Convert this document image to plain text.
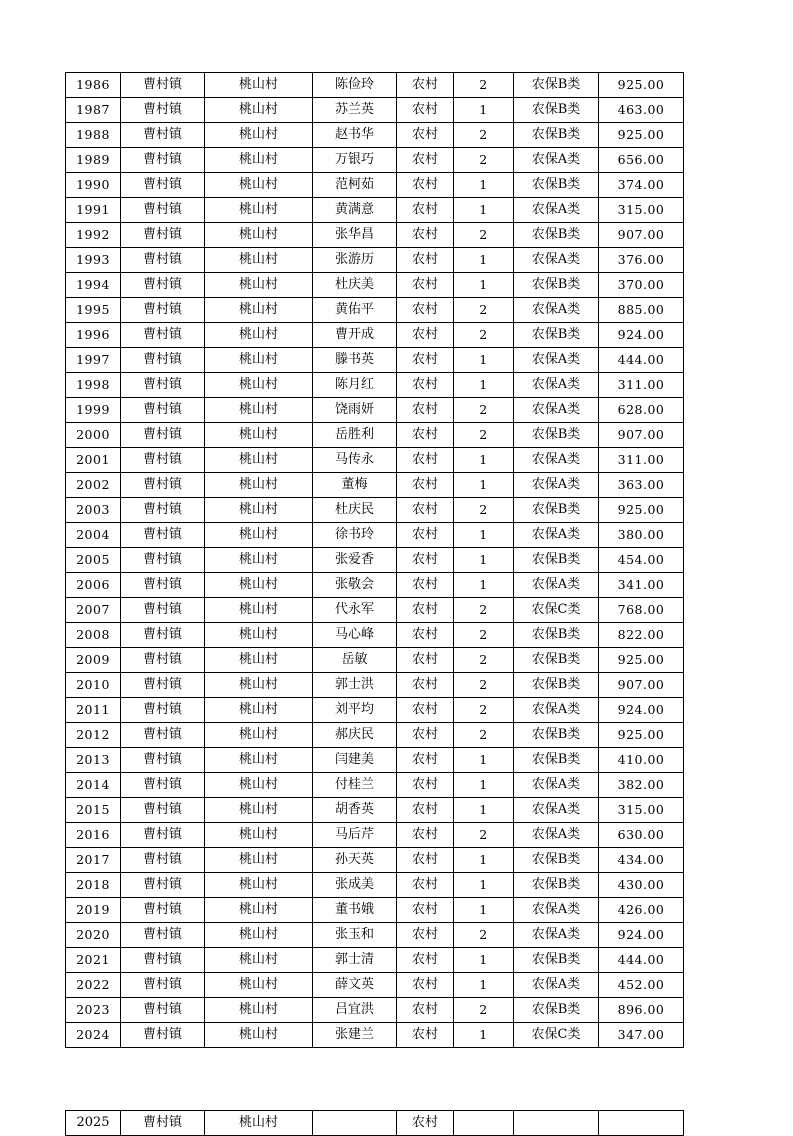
1986	曹村镇	桃山村	陈俭玲	农村	2	农保B类	925.00
1987	曹村镇	桃山村	苏兰英	农村	1	农保B类	463.00
1988	曹村镇	桃山村	赵书华	农村	2	农保B类	925.00
1989	曹村镇	桃山村	万银巧	农村	2	农保A类	656.00
1990	曹村镇	桃山村	范柯茹	农村	1	农保B类	374.00
1991	曹村镇	桃山村	黄满意	农村	1	农保A类	315.00
1992	曹村镇	桃山村	张华昌	农村	2	农保B类	907.00
1993	曹村镇	桃山村	张游历	农村	1	农保A类	376.00
1994	曹村镇	桃山村	杜庆美	农村	1	农保B类	370.00
1995	曹村镇	桃山村	黄佑平	农村	2	农保A类	885.00
1996	曹村镇	桃山村	曹开成	农村	2	农保B类	924.00
1997	曹村镇	桃山村	滕书英	农村	1	农保A类	444.00
1998	曹村镇	桃山村	陈月红	农村	1	农保A类	311.00
1999	曹村镇	桃山村	饶雨妍	农村	2	农保A类	628.00
2000	曹村镇	桃山村	岳胜利	农村	2	农保B类	907.00
2001	曹村镇	桃山村	马传永	农村	1	农保A类	311.00
2002	曹村镇	桃山村	董梅	农村	1	农保A类	363.00
2003	曹村镇	桃山村	杜庆民	农村	2	农保B类	925.00
2004	曹村镇	桃山村	徐书玲	农村	1	农保A类	380.00
2005	曹村镇	桃山村	张爱香	农村	1	农保B类	454.00
2006	曹村镇	桃山村	张敬会	农村	1	农保A类	341.00
2007	曹村镇	桃山村	代永军	农村	2	农保C类	768.00
2008	曹村镇	桃山村	马心峰	农村	2	农保B类	822.00
2009	曹村镇	桃山村	岳敏	农村	2	农保B类	925.00
2010	曹村镇	桃山村	郭士洪	农村	2	农保B类	907.00
2011	曹村镇	桃山村	刘平均	农村	2	农保A类	924.00
2012	曹村镇	桃山村	郝庆民	农村	2	农保B类	925.00
2013	曹村镇	桃山村	闫建美	农村	1	农保B类	410.00
2014	曹村镇	桃山村	付桂兰	农村	1	农保A类	382.00
2015	曹村镇	桃山村	胡香英	农村	1	农保A类	315.00
2016	曹村镇	桃山村	马后芹	农村	2	农保A类	630.00
2017	曹村镇	桃山村	孙天英	农村	1	农保B类	434.00
2018	曹村镇	桃山村	张成美	农村	1	农保B类	430.00
2019	曹村镇	桃山村	董书娥	农村	1	农保A类	426.00
2020	曹村镇	桃山村	张玉和	农村	2	农保A类	924.00
2021	曹村镇	桃山村	郭士清	农村	1	农保B类	444.00
2022	曹村镇	桃山村	薛文英	农村	1	农保A类	452.00
2023	曹村镇	桃山村	吕宜洪	农村	2	农保B类	896.00
2024	曹村镇	桃山村	张建兰	农村	1	农保C类	347.00
2025	曹村镇	桃山村		农村			
